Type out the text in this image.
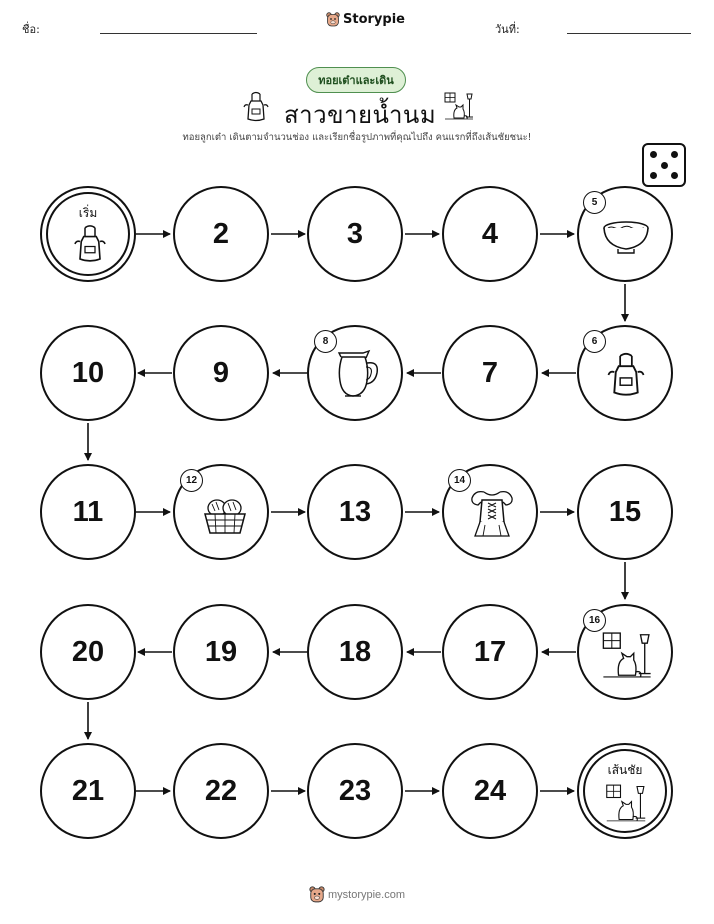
ชื่อ:
Storypie
วันที่:
ทอยเต๋าและเดิน
สาวขายน้ำนม
ทอยลูกเต๋า เดินตามจำนวนช่อง และเรียกชื่อรูปภาพที่คุณไปถึง คนแรกที่ถึงเส้นชัยชนะ!
เริ่ม
2	3	4
5
10	9
8
7
6
11
12
13
14
15
20	19	18	17
16
21	22	23	24
เส้นชัย
mystorypie.com
